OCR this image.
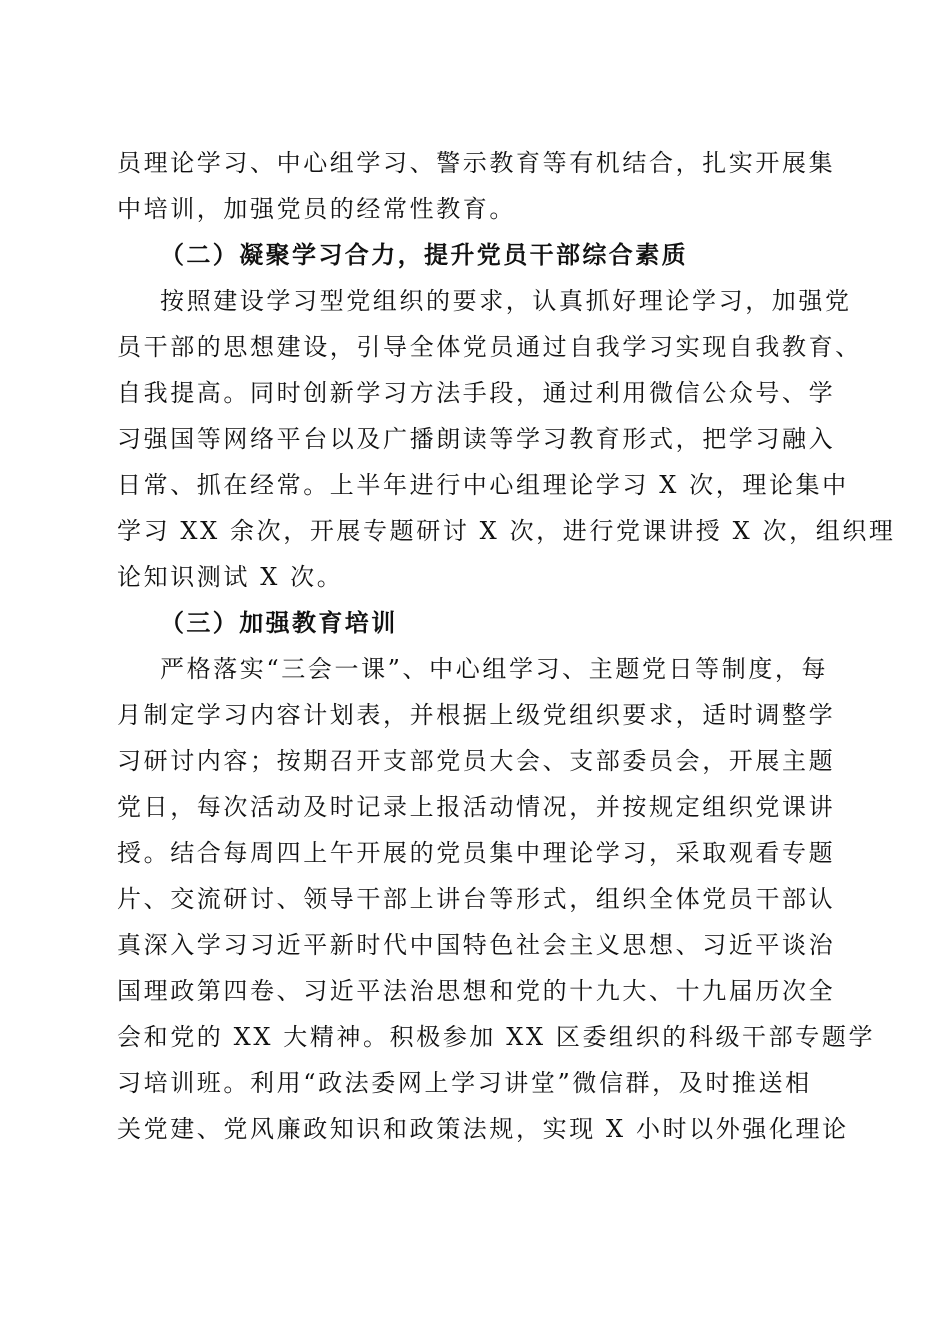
员理论学习、中心组学习、警示教育等有机结合，扎实开展集
中培训，加强党员的经常性教育。
（二）凝聚学习合力，提升党员干部综合素质
按照建设学习型党组织的要求，认真抓好理论学习，加强党
员干部的思想建设，引导全体党员通过自我学习实现自我教育、
自我提高。同时创新学习方法手段，通过利用微信公众号、学
习强国等网络平台以及广播朗读等学习教育形式，把学习融入
日常、抓在经常。上半年进行中心组理论学习 X 次，理论集中
学习 XX 余次，开展专题研讨 X 次，进行党课讲授 X 次，组织理
论知识测试 X 次。
（三）加强教育培训
严格落实“三会一课”、中心组学习、主题党日等制度，每
月制定学习内容计划表，并根据上级党组织要求，适时调整学
习研讨内容；按期召开支部党员大会、支部委员会，开展主题
党日，每次活动及时记录上报活动情况，并按规定组织党课讲
授。结合每周四上午开展的党员集中理论学习，采取观看专题
片、交流研讨、领导干部上讲台等形式，组织全体党员干部认
真深入学习习近平新时代中国特色社会主义思想、习近平谈治
国理政第四卷、习近平法治思想和党的十九大、十九届历次全
会和党的 XX 大精神。积极参加 XX 区委组织的科级干部专题学
习培训班。利用“政法委网上学习讲堂”微信群，及时推送相
关党建、党风廉政知识和政策法规，实现 X 小时以外强化理论
